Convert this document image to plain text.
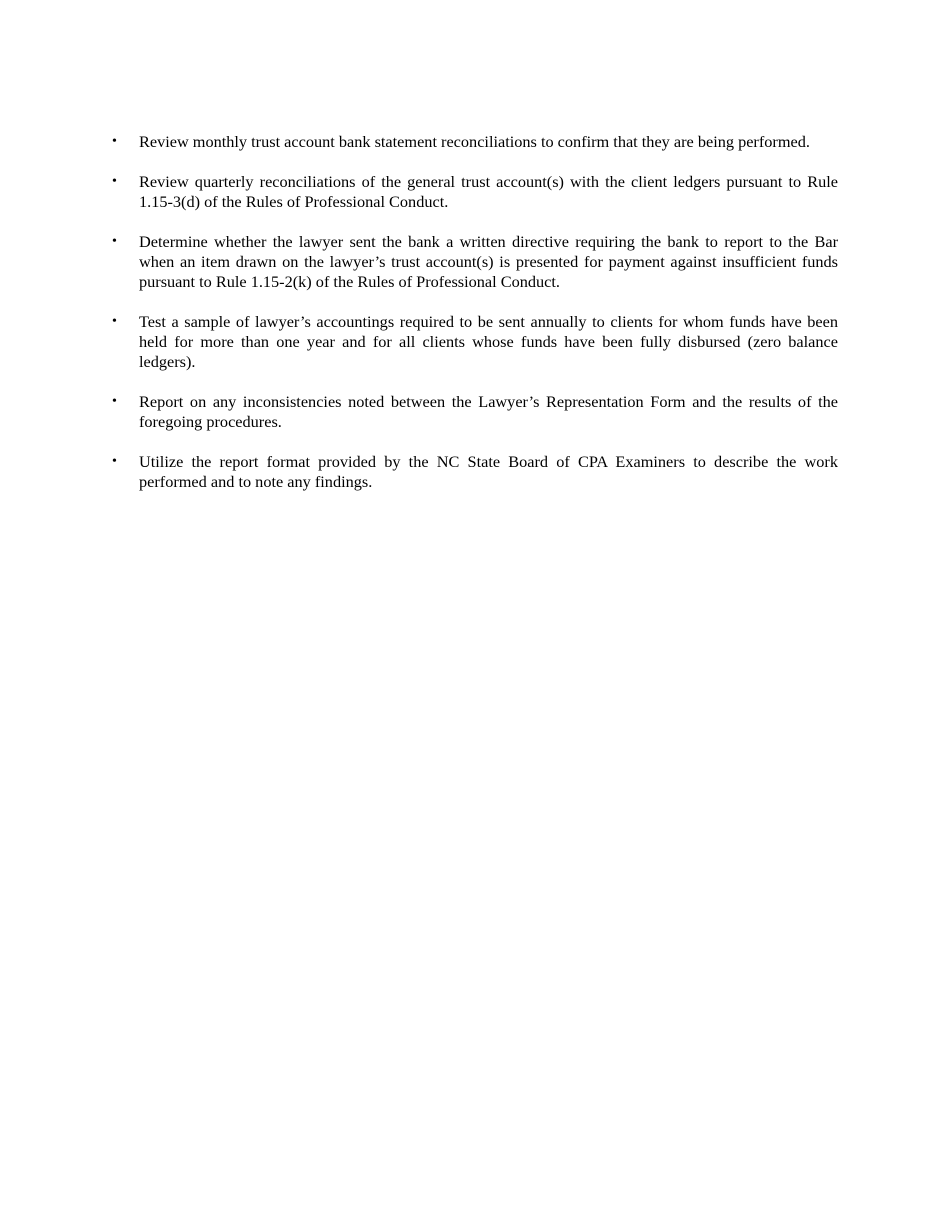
•	Review monthly trust account bank statement reconciliations to confirm that they are being performed.

•	Review quarterly reconciliations of the general trust account(s) with the client ledgers pursuant to Rule 1.15-3(d) of the Rules of Professional Conduct.

•	Determine whether the lawyer sent the bank a written directive requiring the bank to report to the Bar when an item drawn on the lawyer’s trust account(s) is presented for payment against insufficient funds pursuant to Rule 1.15-2(k) of the Rules of Professional Conduct.

•	Test a sample of lawyer’s accountings required to be sent annually to clients for whom funds have been held for more than one year and for all clients whose funds have been fully disbursed (zero balance ledgers).

•	Report on any inconsistencies noted between the Lawyer’s Representation Form and the results of the foregoing procedures.

•	Utilize the report format provided by the NC State Board of CPA Examiners to describe the work performed and to note any findings.
